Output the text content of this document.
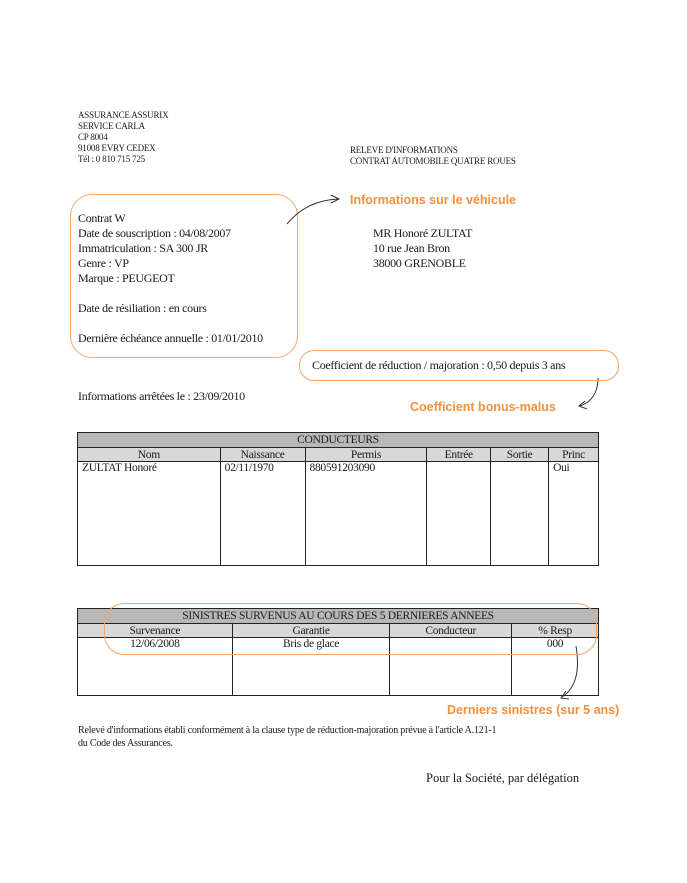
ASSURANCE ASSURIX
SERVICE CARLA
CP 8004
91008 EVRY CEDEX
Tél : 0 810 715 725
RELEVE D'INFORMATIONS
CONTRAT AUTOMOBILE QUATRE ROUES
Contrat W
Date de souscription : 04/08/2007
Immatriculation : SA 300 JR
Genre : VP
Marque : PEUGEOT
Date de résiliation : en cours
Dernière échéance annuelle : 01/01/2010
Informations sur le véhicule
MR Honoré ZULTAT
10 rue Jean Bron
38000 GRENOBLE
Coefficient de réduction / majoration : 0,50 depuis 3 ans
Informations arrêtées le : 23/09/2010
Coefficient bonus-malus
CONDUCTEURS					
Nom	Naissance	Permis	Entrée	Sortie	Princ
ZULTAT Honoré	02/11/1970	880591203090			Oui
SINISTRES SURVENUS AU COURS DES 5 DERNIERES ANNEES			
Survenance	Garantie	Conducteur	% Resp
12/06/2008	Bris de glace		000
Derniers sinistres (sur 5 ans)
Relevé d'informations établi conformément à la clause type de réduction-majoration prévue à l'article A.121-1
du Code des Assurances.
Pour la Société, par délégation
